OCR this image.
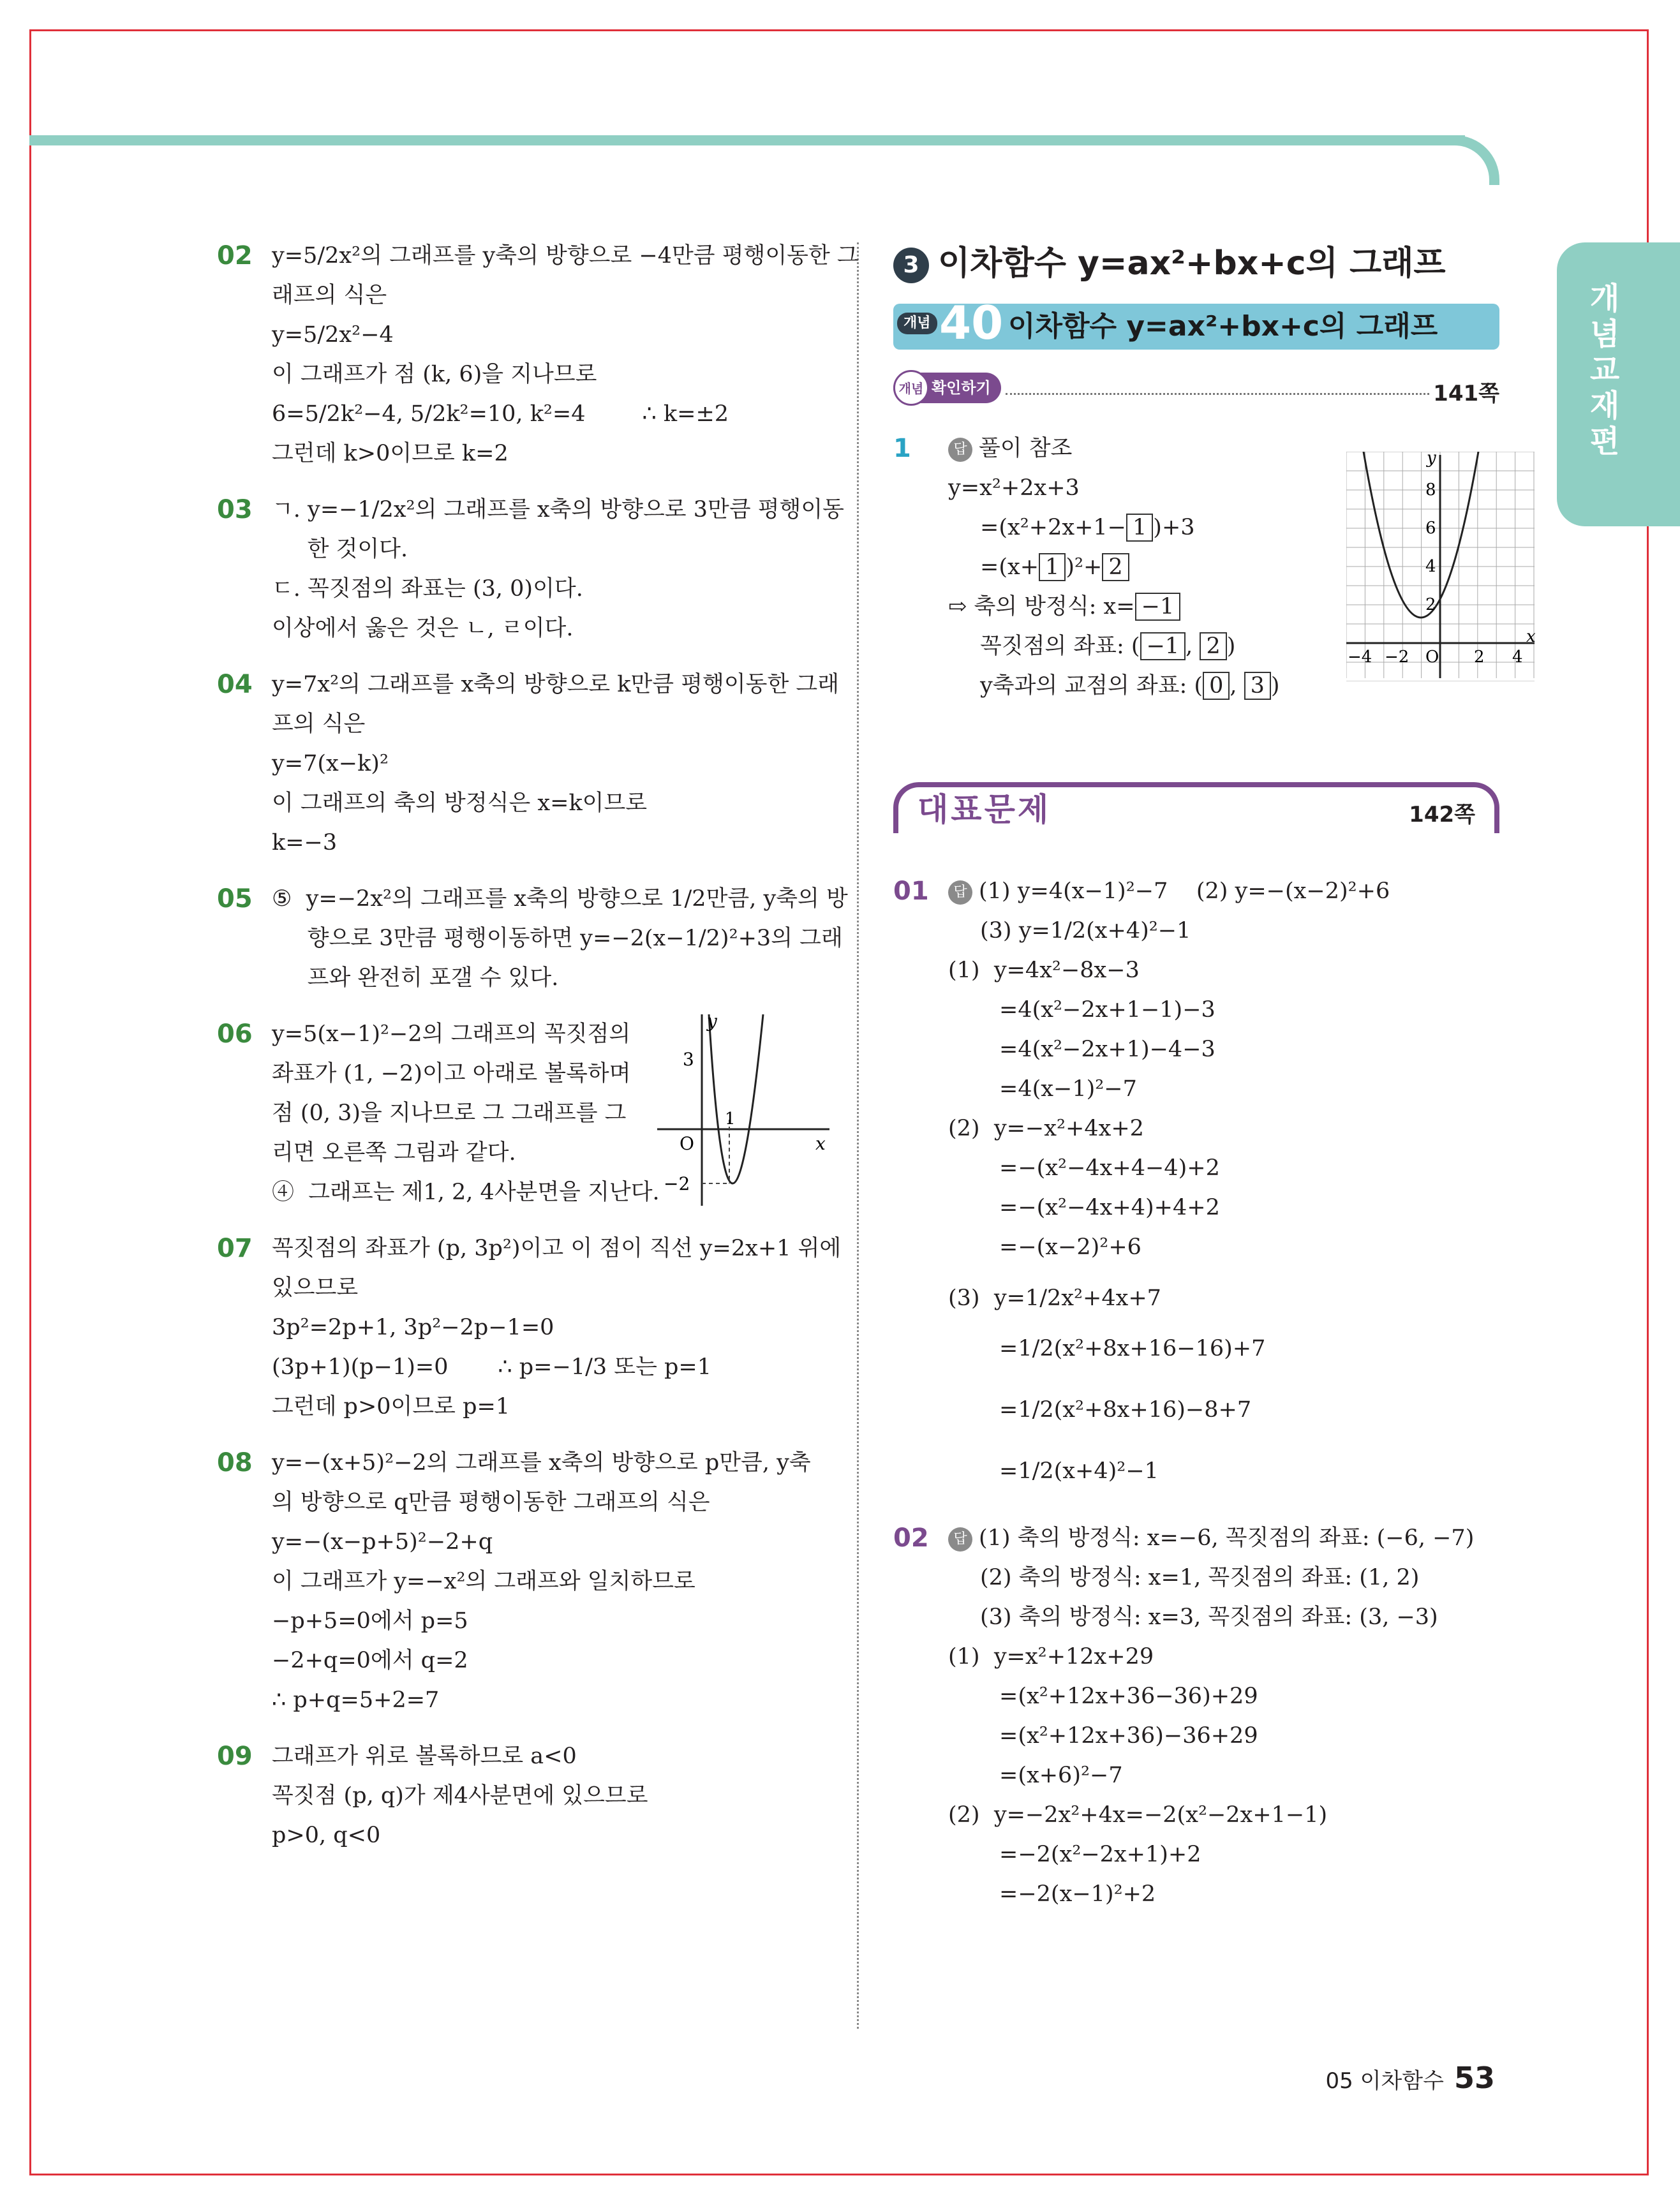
개념교재편
02 y=5/2x²의 그래프를 y축의 방향으로 −4만큼 평행이동한 그
래프의 식은
y=5/2x²−4
이 그래프가 점 (k, 6)을 지나므로
6=5/2k²−4, 5/2k²=10, k²=4        ∴ k=±2
그런데 k>0이므로 k=2
03 ㄱ. y=−1/2x²의 그래프를 x축의 방향으로 3만큼 평행이동
한 것이다.
ㄷ. 꼭짓점의 좌표는 (3, 0)이다.
이상에서 옳은 것은 ㄴ, ㄹ이다.
04 y=7x²의 그래프를 x축의 방향으로 k만큼 평행이동한 그래
프의 식은
y=7(x−k)²
이 그래프의 축의 방정식은 x=k이므로
k=−3
05 ⑤  y=−2x²의 그래프를 x축의 방향으로 1/2만큼, y축의 방
향으로 3만큼 평행이동하면 y=−2(x−1/2)²+3의 그래
프와 완전히 포갤 수 있다.
06 y=5(x−1)²−2의 그래프의 꼭짓점의
좌표가 (1, −2)이고 아래로 볼록하며
점 (0, 3)을 지나므로 그 그래프를 그
리면 오른쪽 그림과 같다.
④  그래프는 제1, 2, 4사분면을 지난다.
y
x
3
O
1
−2
07 꼭짓점의 좌표가 (p, 3p²)이고 이 점이 직선 y=2x+1 위에
있으므로
3p²=2p+1, 3p²−2p−1=0
(3p+1)(p−1)=0       ∴ p=−1/3 또는 p=1
그런데 p>0이므로 p=1
08 y=−(x+5)²−2의 그래프를 x축의 방향으로 p만큼, y축
의 방향으로 q만큼 평행이동한 그래프의 식은
y=−(x−p+5)²−2+q
이 그래프가 y=−x²의 그래프와 일치하므로
−p+5=0에서 p=5
−2+q=0에서 q=2
∴ p+q=5+2=7
09 그래프가 위로 볼록하므로 a<0
꼭짓점 (p, q)가 제4사분면에 있으므로
p>0, q<0
3 이차함수 y=ax²+bx+c의 그래프
개념 40 이차함수 y=ax²+bx+c의 그래프
개념 확인하기	141쪽
1	답 풀이 참조
y=x²+2x+3
=(x²+2x+1− 1 )+3
=(x+ 1 )²+ 2
⇨ 축의 방정식: x= −1
꼭짓점의 좌표: ( −1 , 2 )
y축과의 교점의 좌표: ( 0 , 3 )
y
x
8
6
4
2
−4 −2 O 2 4
대표문제	142쪽
01	답 (1) y=4(x−1)²−7    (2) y=−(x−2)²+6
(3) y=1/2(x+4)²−1
(1)  y=4x²−8x−3
=4(x²−2x+1−1)−3
=4(x²−2x+1)−4−3
=4(x−1)²−7
(2)  y=−x²+4x+2
=−(x²−4x+4−4)+2
=−(x²−4x+4)+4+2
=−(x−2)²+6
(3)  y=1/2x²+4x+7
=1/2(x²+8x+16−16)+7
=1/2(x²+8x+16)−8+7
=1/2(x+4)²−1
02	답 (1) 축의 방정식: x=−6, 꼭짓점의 좌표: (−6, −7)
(2) 축의 방정식: x=1, 꼭짓점의 좌표: (1, 2)
(3) 축의 방정식: x=3, 꼭짓점의 좌표: (3, −3)
(1)  y=x²+12x+29
=(x²+12x+36−36)+29
=(x²+12x+36)−36+29
=(x+6)²−7
(2)  y=−2x²+4x=−2(x²−2x+1−1)
=−2(x²−2x+1)+2
=−2(x−1)²+2
05 이차함수 53
